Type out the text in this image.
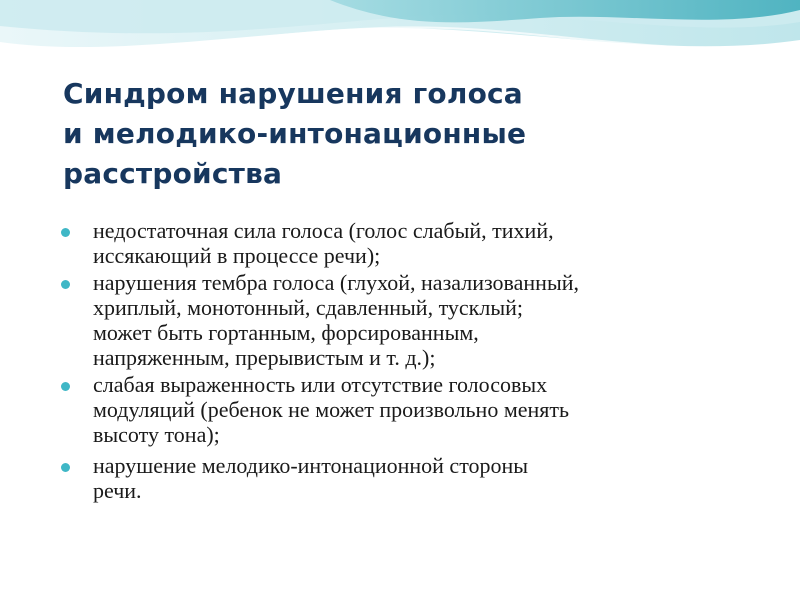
Синдром нарушения голоса
и мелодико-интонационные
расстройства
недостаточная сила голоса (голос слабый, тихий,
иссякающий в процессе речи);
нарушения тембра голоса (глухой, назализованный,
хриплый, монотонный, сдавленный, тусклый;
может быть гортанным, форсированным,
напряженным, прерывистым и т. д.);
слабая выраженность или отсутствие голосовых
модуляций (ребенок не может произвольно менять
высоту тона);
нарушение мелодико-интонационной стороны
речи.
